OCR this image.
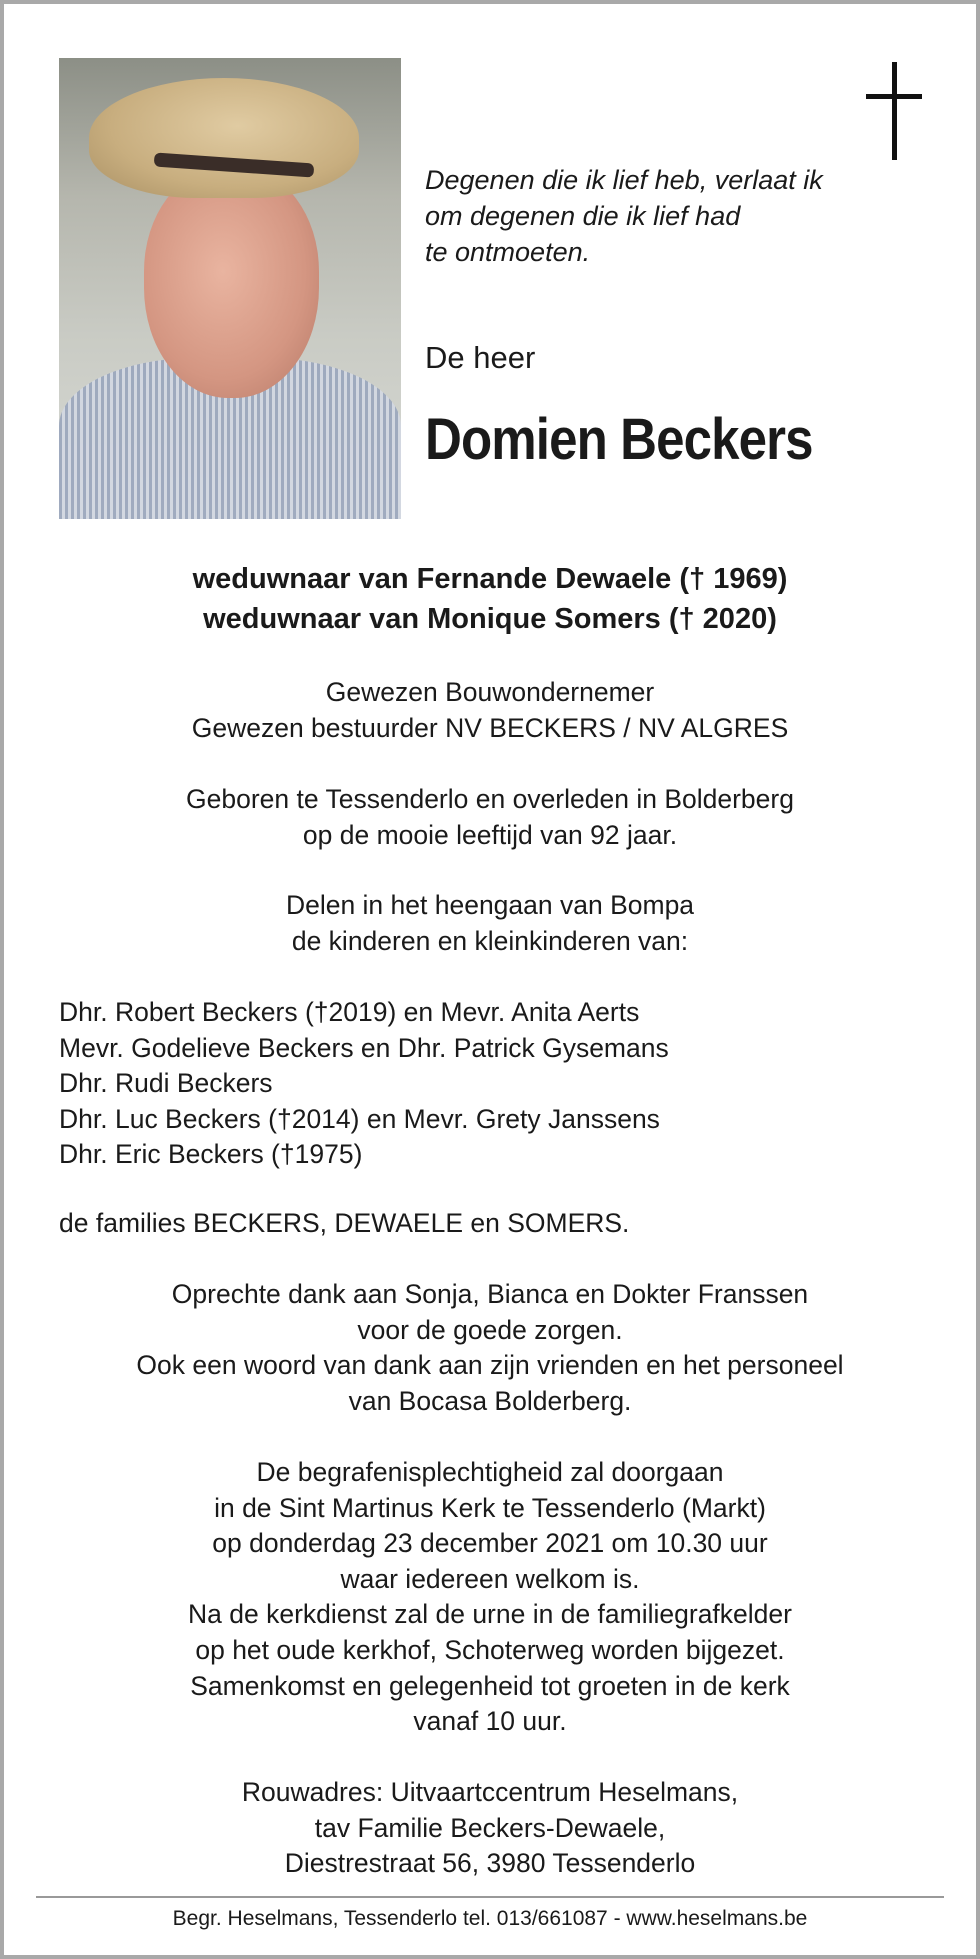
Degenen die ik lief heb, verlaat ik
om degenen die ik lief had
te ontmoeten.
De heer
Domien Beckers
weduwnaar van Fernande Dewaele († 1969)
weduwnaar van Monique Somers († 2020)
Gewezen Bouwondernemer
Gewezen bestuurder NV BECKERS / NV ALGRES
Geboren te Tessenderlo en overleden in Bolderberg
op de mooie leeftijd van 92 jaar.
Delen in het heengaan van Bompa
de kinderen en kleinkinderen van:
Dhr. Robert Beckers (†2019) en Mevr. Anita Aerts
Mevr. Godelieve Beckers en Dhr. Patrick Gysemans
Dhr. Rudi Beckers
Dhr. Luc Beckers (†2014) en Mevr. Grety Janssens
Dhr. Eric Beckers (†1975)
de families BECKERS, DEWAELE en SOMERS.
Oprechte dank aan Sonja, Bianca en Dokter Franssen
voor de goede zorgen.
Ook een woord van dank aan zijn vrienden en het personeel
van Bocasa Bolderberg.
De begrafenisplechtigheid zal doorgaan
in de Sint Martinus Kerk te Tessenderlo (Markt)
op donderdag 23 december 2021 om 10.30 uur
waar iedereen welkom is.
Na de kerkdienst zal de urne in de familiegrafkelder
op het oude kerkhof, Schoterweg worden bijgezet.
Samenkomst en gelegenheid tot groeten in de kerk
vanaf 10 uur.
Rouwadres: Uitvaartccentrum Heselmans,
tav Familie Beckers-Dewaele,
Diestrestraat 56, 3980 Tessenderlo
Begr. Heselmans, Tessenderlo tel. 013/661087 - www.heselmans.be
